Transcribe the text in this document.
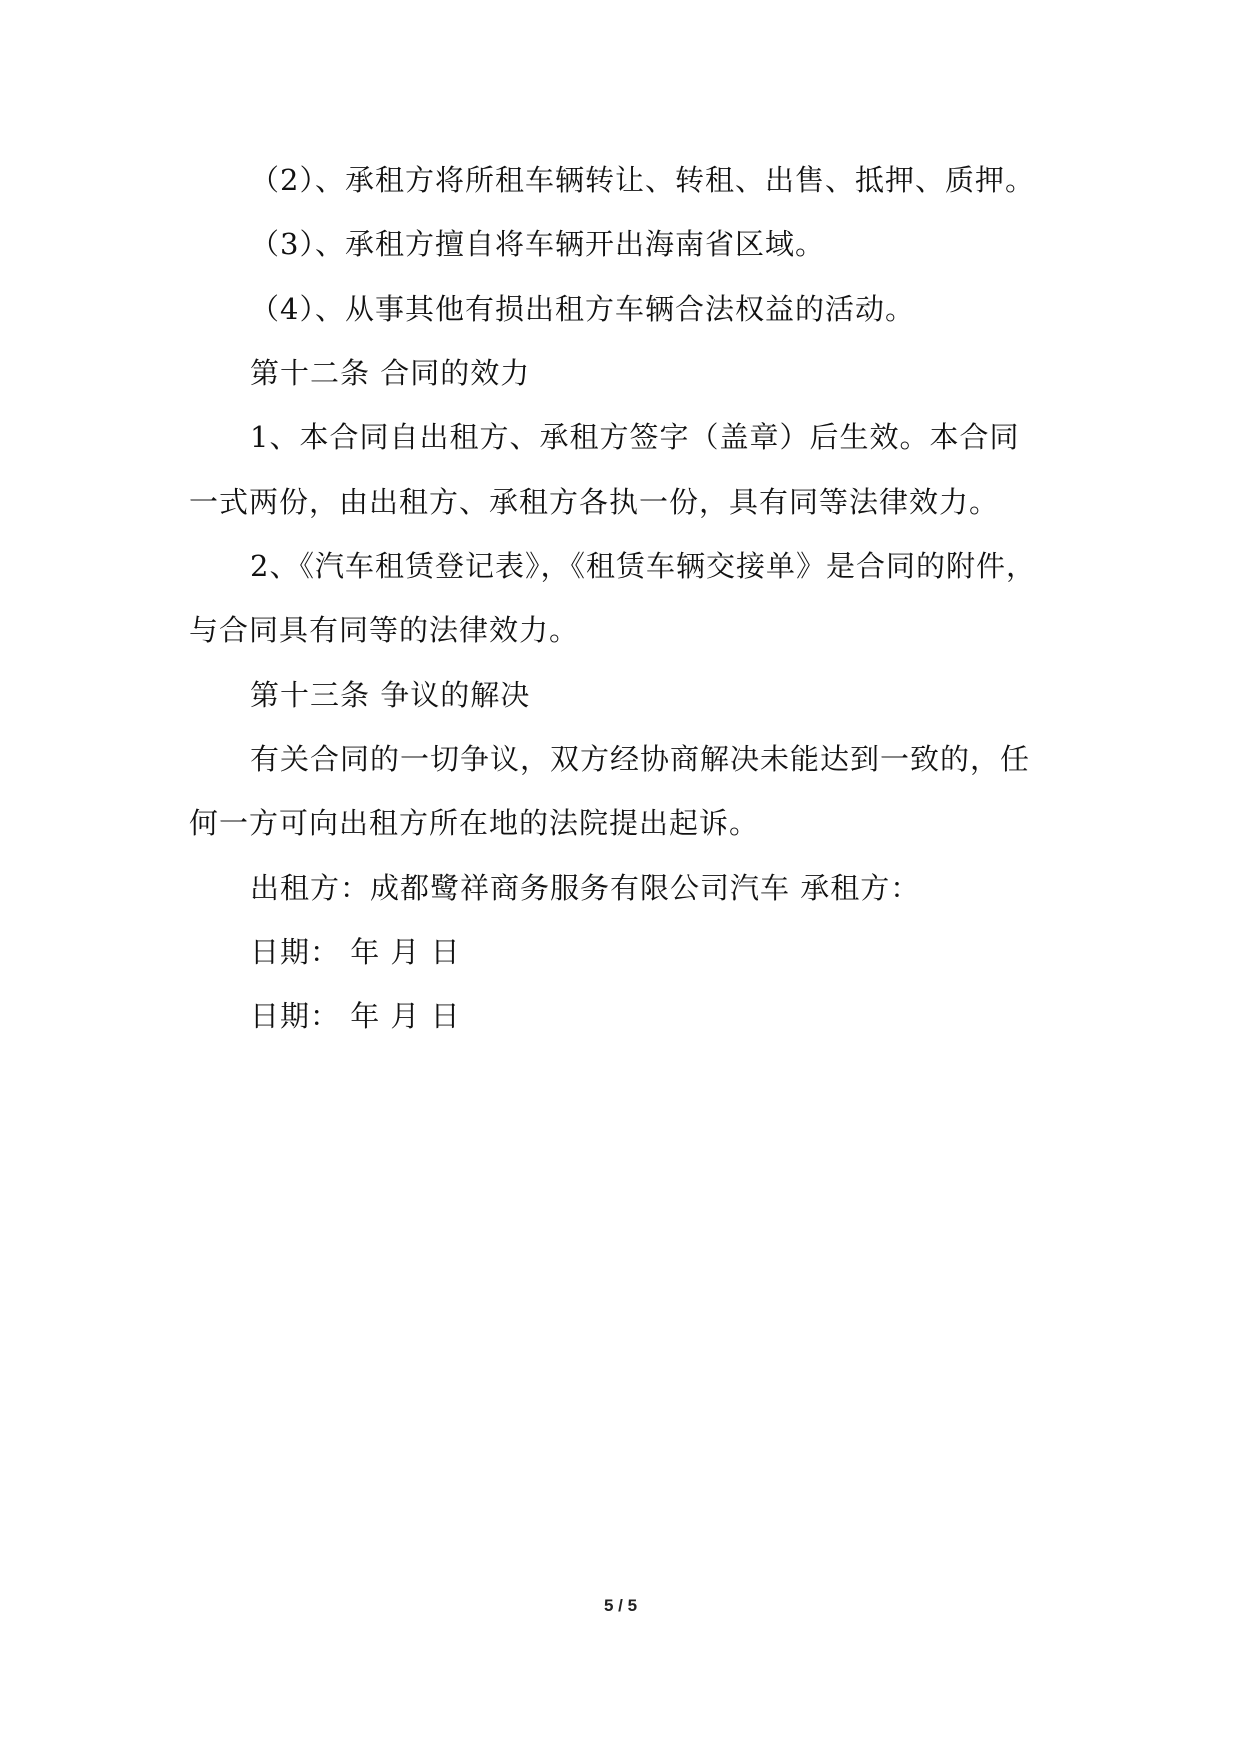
（2）、承租方将所租车辆转让、转租、出售、抵押、质押。
（3）、承租方擅自将车辆开出海南省区域。
（4）、从事其他有损出租方车辆合法权益的活动。
第十二条 合同的效力
1、本合同自出租方、承租方签字（盖章）后生效。本合同
一式两份，由出租方、承租方各执一份，具有同等法律效力。
2、《汽车租赁登记表》，《租赁车辆交接单》是合同的附件，
与合同具有同等的法律效力。
第十三条 争议的解决
有关合同的一切争议，双方经协商解决未能达到一致的，任
何一方可向出租方所在地的法院提出起诉。
出租方：成都鹭祥商务服务有限公司汽车 承租方：
日期： 年 月 日
日期： 年 月 日
5 / 5
